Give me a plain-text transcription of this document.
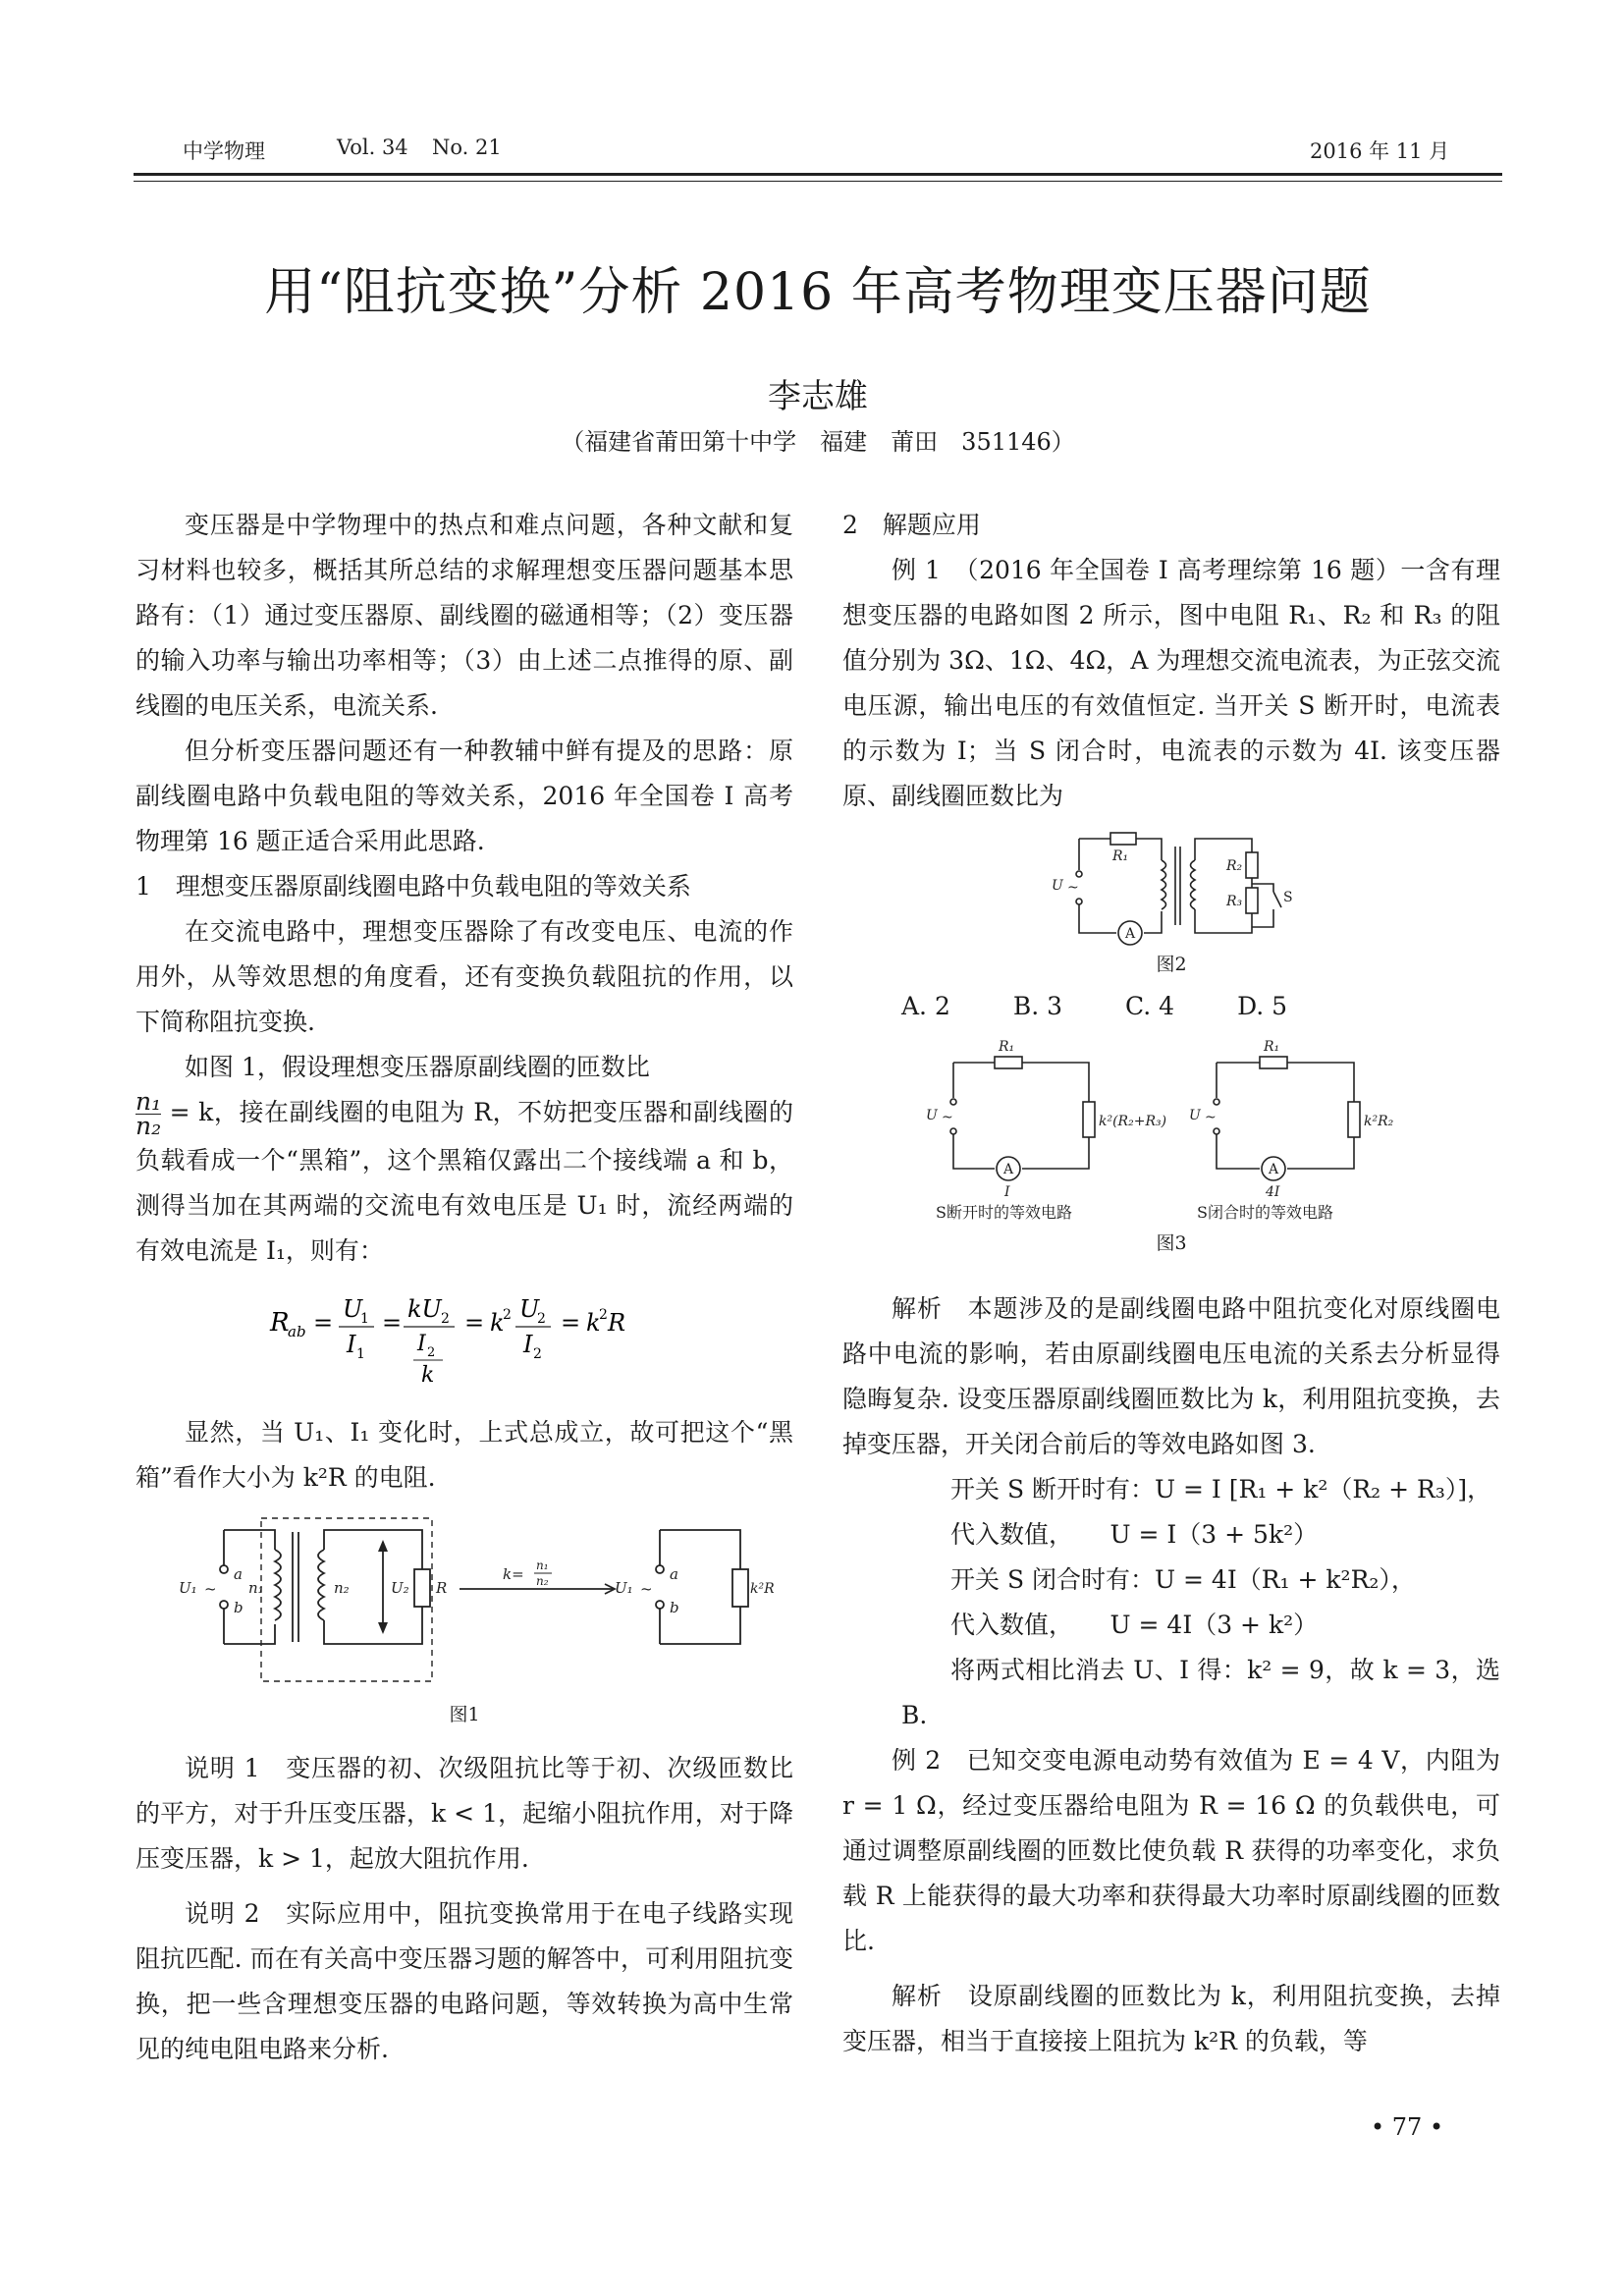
中学物理	Vol. 34 No. 21	2016 年 11 月
用“阻抗变换”分析 2016 年高考物理变压器问题
李志雄
（福建省莆田第十中学　福建　莆田　351146）

变压器是中学物理中的热点和难点问题，各种文献和复习材料也较多，概括其所总结的求解理想变压器问题基本思路有：（1）通过变压器原、副线圈的磁通相等；（2）变压器的输入功率与输出功率相等；（3）由上述二点推得的原、副线圈的电压关系，电流关系.

但分析变压器问题还有一种教辅中鲜有提及的思路：原副线圈电路中负载电阻的等效关系，2016 年全国卷 Ⅰ 高考物理第 16 题正适合采用此思路.

1　理想变压器原副线圈电路中负载电阻的等效关系

在交流电路中，理想变压器除了有改变电压、电流的作用外，从等效思想的角度看，还有变换负载阻抗的作用，以下简称阻抗变换.

如图 1，假设理想变压器原副线圈的匝数比

$\frac{\text{n₁}}{\text{n₂}} = k$，接在副线圈的电阻为 R，不妨把变压器和副线圈的负载看成一个“黑箱”，这个黑箱仅露出二个接线端 a 和 b，测得当加在其两端的交流电有效电压是 U₁ 时，流经两端的有效电流是 I₁，则有：

R
ab = U
1
I 1
= kU 2
I 2
k
= k
2 U
2
I 2
= k
2 R

显然，当 U₁、I₁ 变化时，上式总成立，故可把这个“黑箱”看作大小为 k²R 的电阻.

U₁ ~
a
b
n₁	n₂	U₂ R
k= n₁
n₂	U₁ ~
a
b
k²R
图1

说明 1　变压器的初、次级阻抗比等于初、次级匝数比的平方，对于升压变压器，k < 1，起缩小阻抗作用，对于降压变压器，k > 1，起放大阻抗作用.

说明 2　实际应用中，阻抗变换常用于在电子线路实现阻抗匹配. 而在有关高中变压器习题的解答中，可利用阻抗变换，把一些含理想变压器的电路问题，等效转换为高中生常见的纯电阻电路来分析.

2　解题应用

例 1　（2016 年全国卷 Ⅰ 高考理综第 16 题）一含有理想变压器的电路如图 2 所示，图中电阻 R₁、R₂ 和 R₃ 的阻值分别为 3Ω、1Ω、4Ω，A 为理想交流电流表，为正弦交流电压源，输出电压的有效值恒定. 当开关 S 断开时，电流表的示数为 I；当 S 闭合时，电流表的示数为 4I. 该变压器原、副线圈匝数比为

U ~
R₁
R₂
R₃	S
A
图2
A. 2	B. 3	C. 4	D. 5
R₁
U ~	k²(R₂+R₃)
A
I
S断开时的等效电路
R₁
U ~	k²R₂
A
4I
S闭合时的等效电路
图3

解析　本题涉及的是副线圈电路中阻抗变化对原线圈电路中电流的影响，若由原副线圈电压电流的关系去分析显得隐晦复杂. 设变压器原副线圈匝数比为 k，利用阻抗变换，去掉变压器，开关闭合前后的等效电路如图 3.

开关 S 断开时有：U = I [R₁ + k²（R₂ + R₃）]，

代入数值，　　U = I（3 + 5k²）

开关 S 闭合时有：U = 4I（R₁ + k²R₂），

代入数值，　　U = 4I（3 + k²）

将两式相比消去 U、I 得：k² = 9，故 k = 3，选 B.

例 2　已知交变电源电动势有效值为 E = 4 V，内阻为 r = 1 Ω，经过变压器给电阻为 R = 16 Ω 的负载供电，可通过调整原副线圈的匝数比使负载 R 获得的功率变化，求负载 R 上能获得的最大功率和获得最大功率时原副线圈的匝数比.

解析　设原副线圈的匝数比为 k，利用阻抗变换，去掉变压器，相当于直接接上阻抗为 k²R 的负载，等

• 77 •
